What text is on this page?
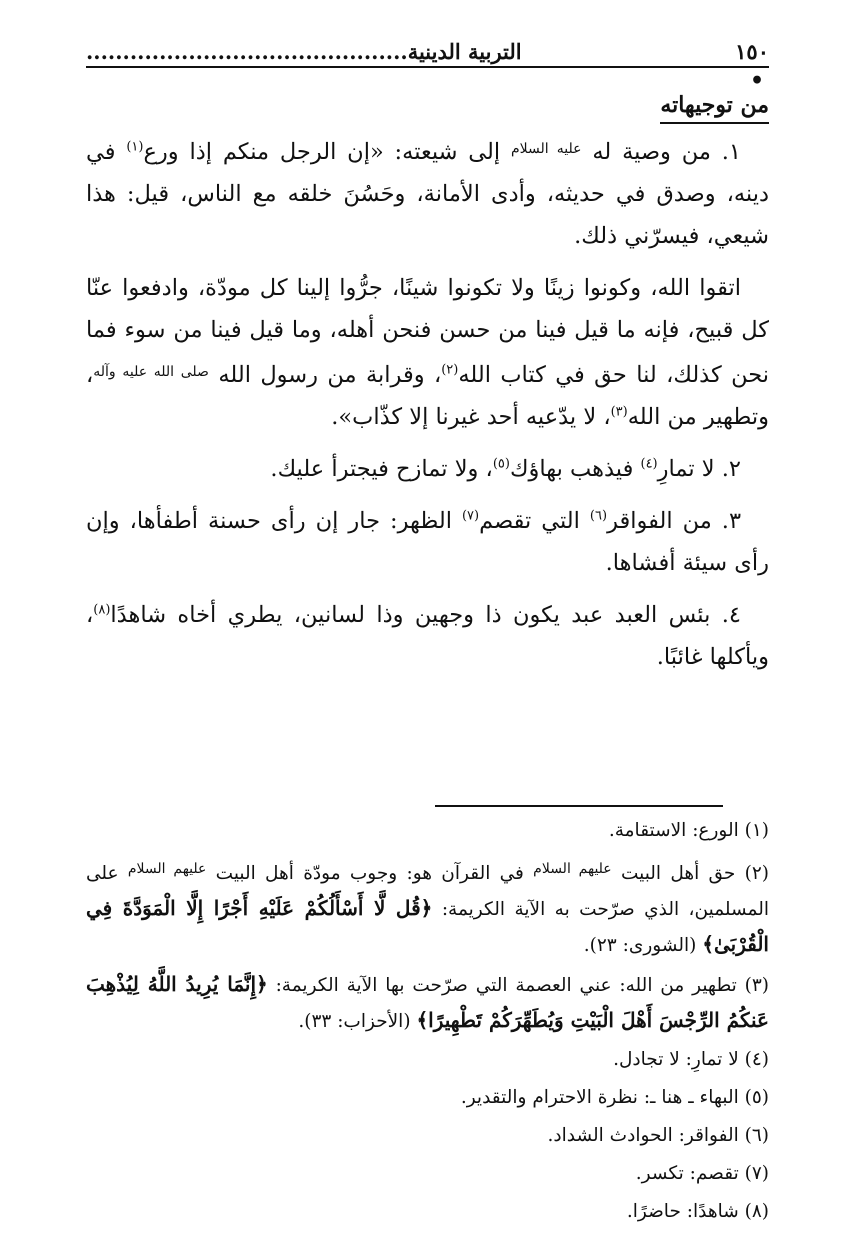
١٥٠
التربية الدينية............................................
•
من توجيهاته

١. من وصية له $^{عليه السلام}$ إلى شيعته: «إن الرجل منكم إذا ورع$^{(١)}$ في دينه، وصدق في حديثه، وأدى الأمانة، وحَسُنَ خلقه مع الناس، قيل: هذا شيعي، فيسرّني ذلك.

اتقوا الله، وكونوا زينًا ولا تكونوا شينًا، جرُّوا إلينا كل مودّة، وادفعوا عنّا كل قبيح، فإنه ما قيل فينا من حسن فنحن أهله، وما قيل فينا من سوء فما نحن كذلك، لنا حق في كتاب الله$^{(٢)}$، وقرابة من رسول الله $^{صلى الله عليه وآله}$، وتطهير من الله$^{(٣)}$، لا يدّعيه أحد غيرنا إلا كذّاب».

٢. لا تمارِ$^{(٤)}$ فيذهب بهاؤك$^{(٥)}$، ولا تمازح فيجترأ عليك.

٣. من الفواقر$^{(٦)}$ التي تقصم$^{(٧)}$ الظهر: جار إن رأى حسنة أطفأها، وإن رأى سيئة أفشاها.

٤. بئس العبد عبد يكون ذا وجهين وذا لسانين، يطري أخاه شاهدًا$^{(٨)}$، ويأكلها غائبًا.

(١) الورع: الاستقامة.

(٢) حق أهل البيت $^{عليهم السلام}$ في القرآن هو: وجوب مودّة أهل البيت $^{عليهم السلام}$ على المسلمين، الذي صرّحت به الآية الكريمة: ﴿قُل لَّا أَسْأَلُكُمْ عَلَيْهِ أَجْرًا إِلَّا الْمَوَدَّةَ فِي الْقُرْبَىٰ﴾ (الشورى: ٢٣).

(٣) تطهير من الله: عني العصمة التي صرّحت بها الآية الكريمة: ﴿إِنَّمَا يُرِيدُ اللَّهُ لِيُذْهِبَ عَنكُمُ الرِّجْسَ أَهْلَ الْبَيْتِ وَيُطَهِّرَكُمْ تَطْهِيرًا﴾ (الأحزاب: ٣٣).

(٤) لا تمارِ: لا تجادل.

(٥) البهاء ـ هنا ـ: نظرة الاحترام والتقدير.

(٦) الفواقر: الحوادث الشداد.

(٧) تقصم: تكسر.

(٨) شاهدًا: حاضرًا.
